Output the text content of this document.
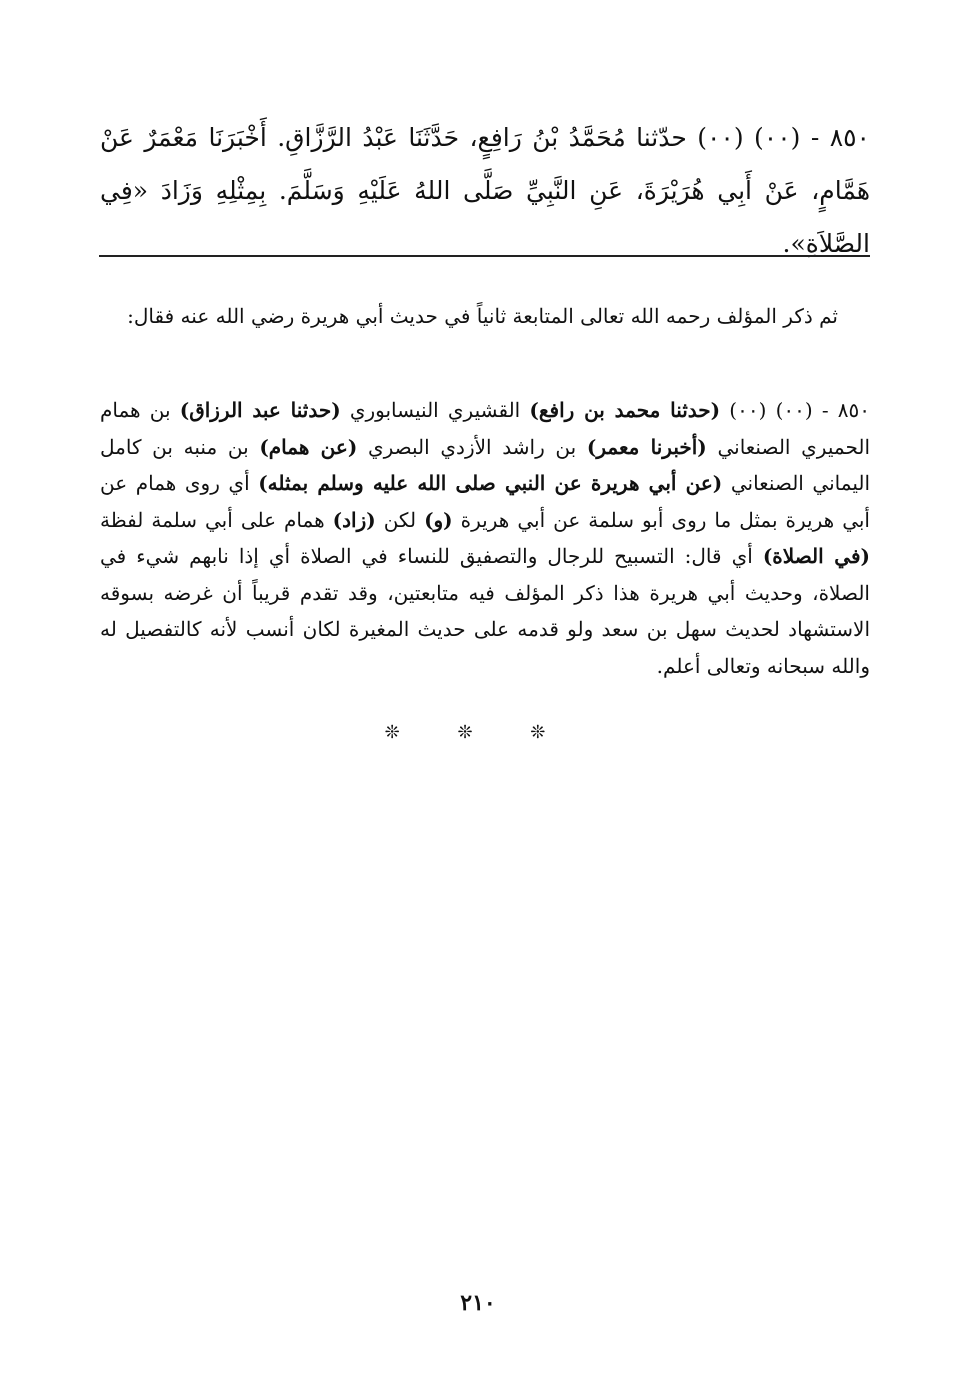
٨٥٠ - (٠٠) (٠٠) حدّثنا مُحَمَّدُ بْنُ رَافِعٍ، حَدَّثَنَا عَبْدُ الرَّزَّاقِ. أَخْبَرَنَا مَعْمَرٌ عَنْ هَمَّامٍ، عَنْ أَبِي هُرَيْرَةَ، عَنِ النَّبِيِّ صَلَّى اللهُ عَلَيْهِ وَسَلَّمَ. بِمِثْلِهِ وَزَادَ «فِي الصَّلاَةِ».

ثم ذكر المؤلف رحمه الله تعالى المتابعة ثانياً في حديث أبي هريرة رضي الله عنه فقال:

٨٥٠ - (٠٠) (٠٠) (حدثنا محمد بن رافع) القشيري النيسابوري (حدثنا عبد الرزاق) بن همام الحميري الصنعاني (أخبرنا معمر) بن راشد الأزدي البصري (عن همام) بن منبه بن كامل اليماني الصنعاني (عن أبي هريرة عن النبي صلى الله عليه وسلم بمثله) أي روى همام عن أبي هريرة بمثل ما روى أبو سلمة عن أبي هريرة (و) لكن (زاد) همام على أبي سلمة لفظة (في الصلاة) أي قال: التسبيح للرجال والتصفيق للنساء في الصلاة أي إذا نابهم شيء في الصلاة، وحديث أبي هريرة هذا ذكر المؤلف فيه متابعتين، وقد تقدم قريباً أن غرضه بسوقه الاستشهاد لحديث سهل بن سعد ولو قدمه على حديث المغيرة لكان أنسب لأنه كالتفصيل له والله سبحانه وتعالى أعلم.

❊ ❊ ❊
٢١٠
